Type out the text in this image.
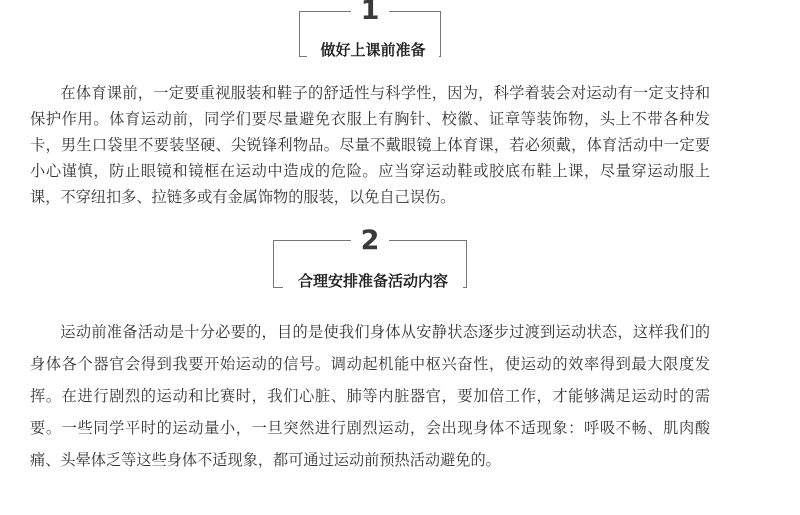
1
做好上课前准备

在体育课前，一定要重视服装和鞋子的舒适性与科学性，因为，科学着装会对运动有一定支持和保护作用。体育运动前，同学们要尽量避免衣服上有胸针、校徽、证章等装饰物，头上不带各种发卡，男生口袋里不要装坚硬、尖锐锋利物品。尽量不戴眼镜上体育课，若必须戴，体育活动中一定要小心谨慎，防止眼镜和镜框在运动中造成的危险。应当穿运动鞋或胶底布鞋上课，尽量穿运动服上课，不穿纽扣多、拉链多或有金属饰物的服装，以免自己误伤。

2
合理安排准备活动内容

运动前准备活动是十分必要的，目的是使我们身体从安静状态逐步过渡到运动状态，这样我们的身体各个器官会得到我要开始运动的信号。调动起机能中枢兴奋性，使运动的效率得到最大限度发挥。在进行剧烈的运动和比赛时，我们心脏、肺等内脏器官，要加倍工作，才能够满足运动时的需要。一些同学平时的运动量小，一旦突然进行剧烈运动，会出现身体不适现象：呼吸不畅、肌肉酸痛、头晕体乏等这些身体不适现象，都可通过运动前预热活动避免的。
